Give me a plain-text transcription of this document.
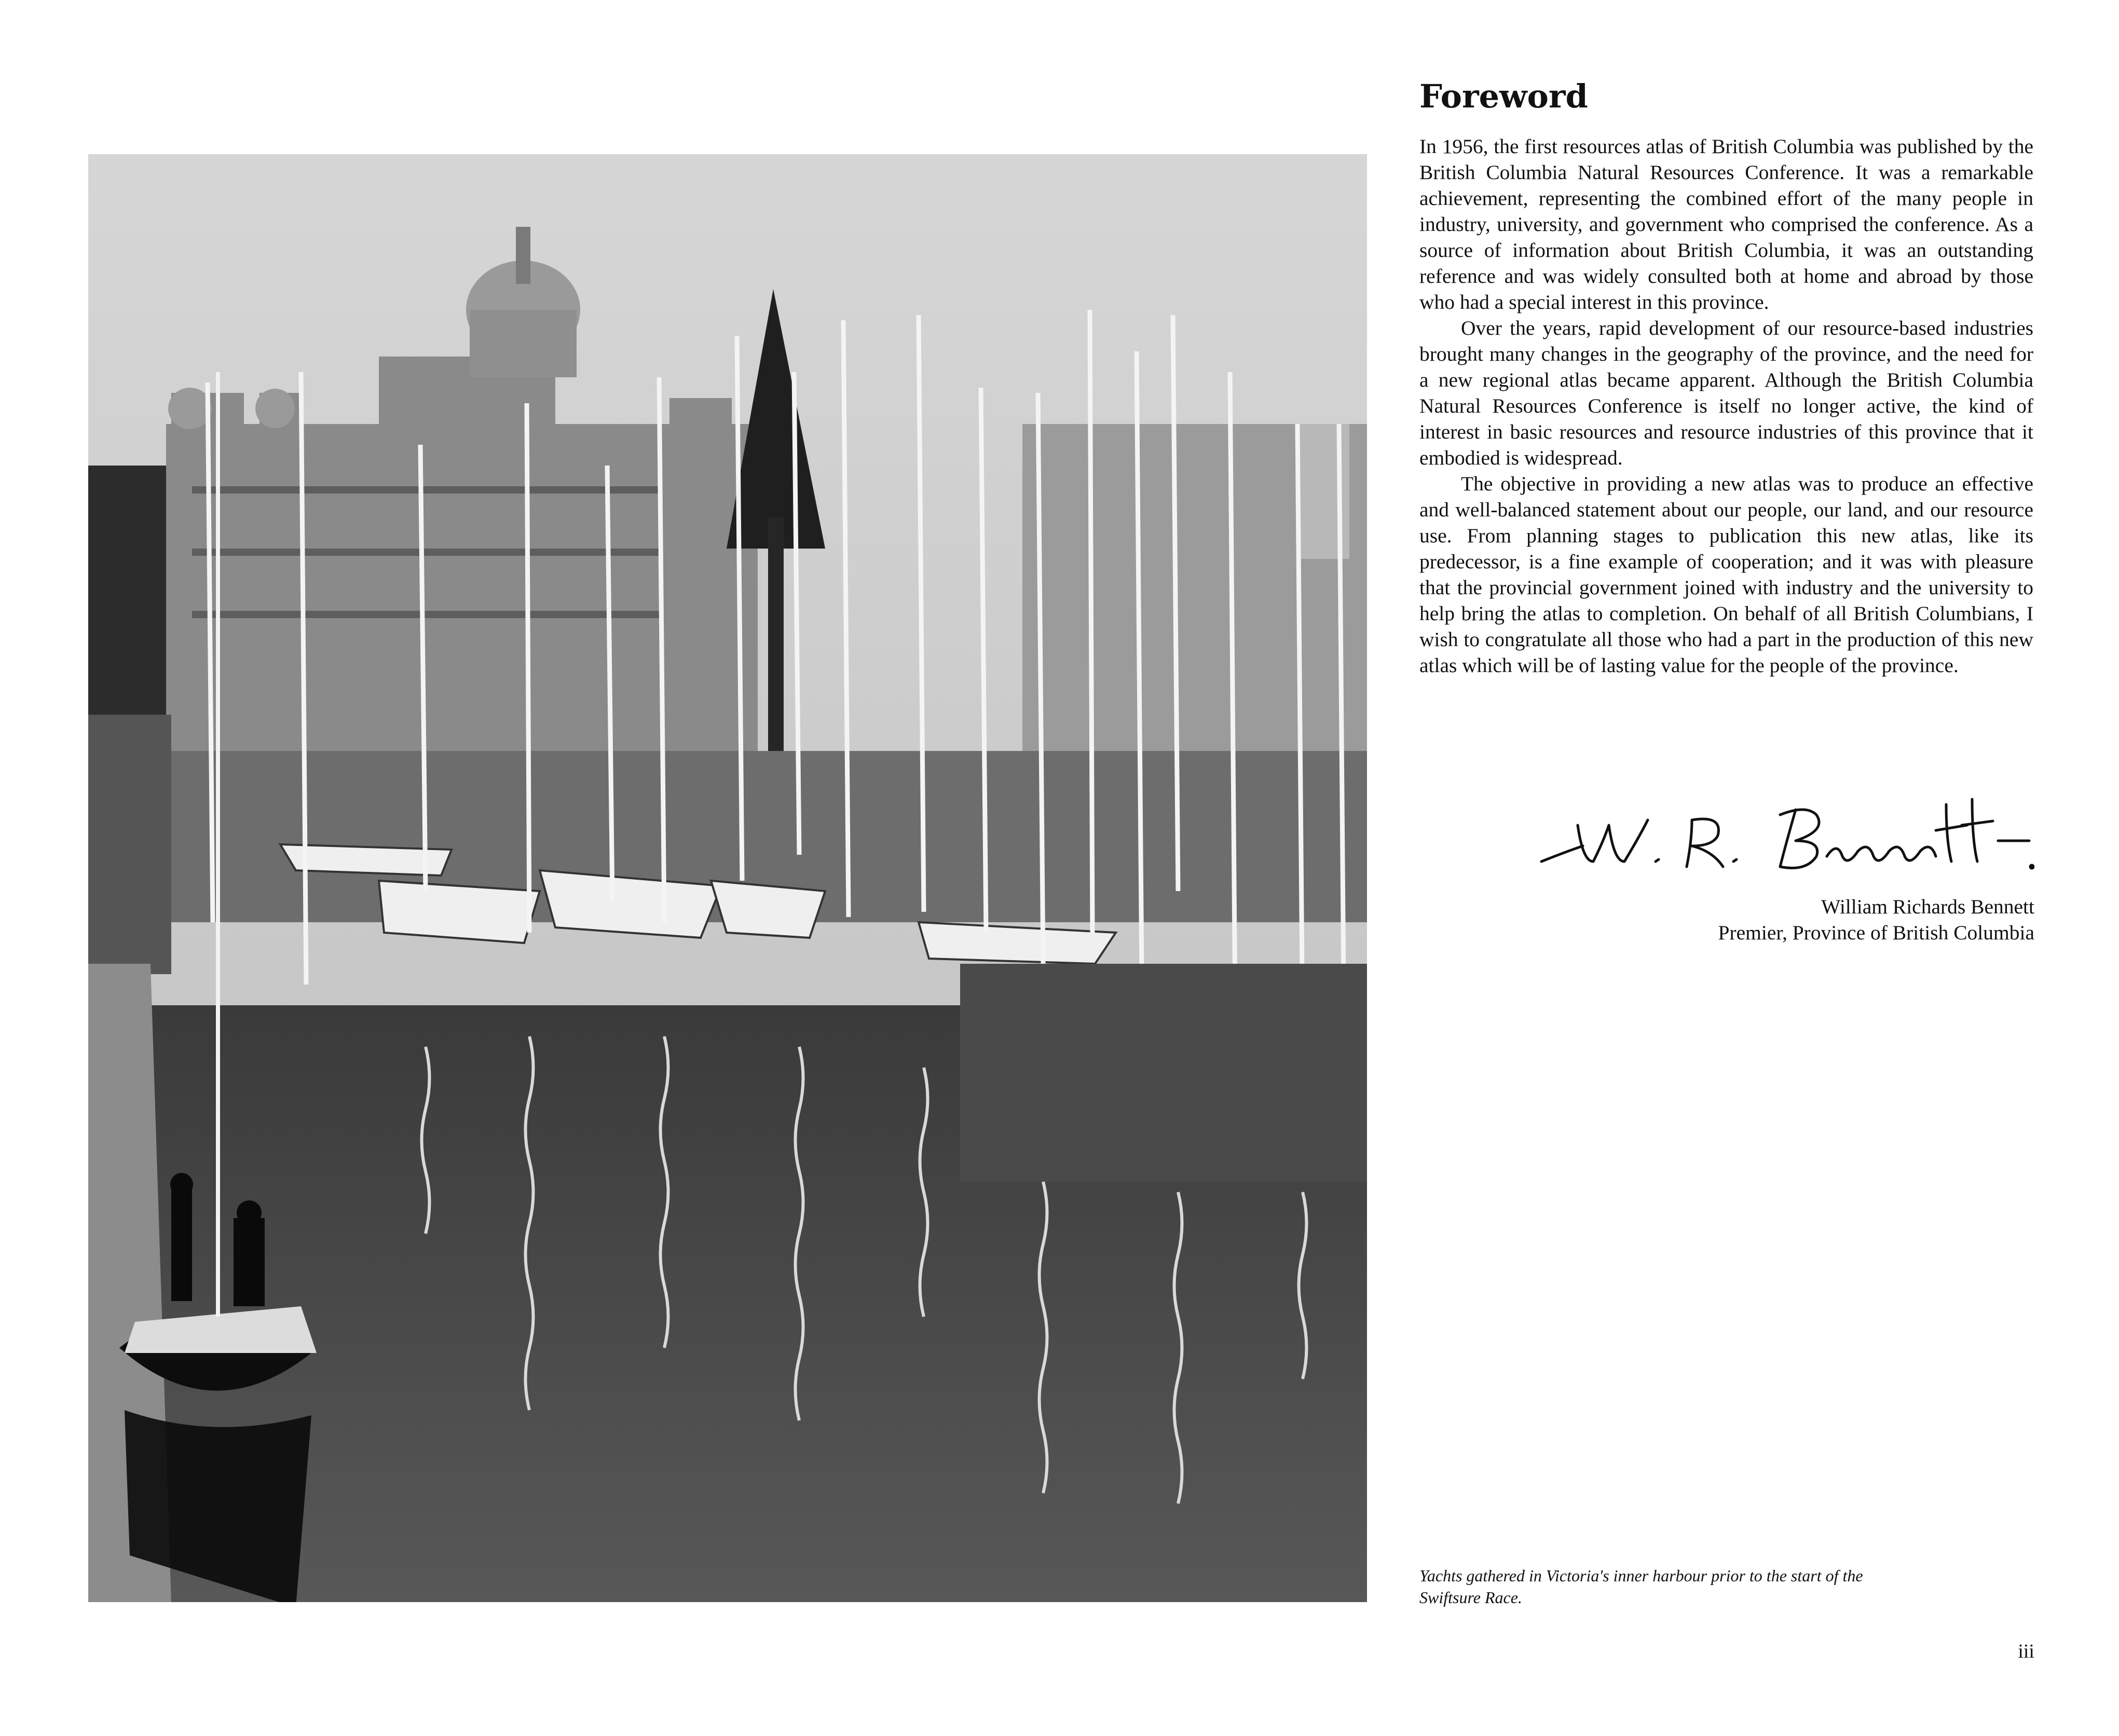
Foreword

In 1956, the first resources atlas of British Columbia was published by the British Columbia Natural Resources Conference. It was a remarkable achievement, representing the combined effort of the many people in industry, university, and government who comprised the conference. As a source of information about British Columbia, it was an outstanding reference and was widely consulted both at home and abroad by those who had a special interest in this province.

Over the years, rapid development of our resource-based industries brought many changes in the geography of the province, and the need for a new regional atlas became apparent. Although the British Columbia Natural Resources Conference is itself no longer active, the kind of interest in basic resources and resource industries of this province that it embodied is widespread.

The objective in providing a new atlas was to produce an effective and well-balanced statement about our people, our land, and our resource use. From planning stages to publication this new atlas, like its predecessor, is a fine example of cooperation; and it was with pleasure that the provincial government joined with industry and the university to help bring the atlas to completion. On behalf of all British Columbians, I wish to congratulate all those who had a part in the production of this new atlas which will be of lasting value for the people of the province.

William Richards Bennett
Premier, Province of British Columbia
Yachts gathered in Victoria's inner harbour prior to the start of the Swiftsure Race.
iii
